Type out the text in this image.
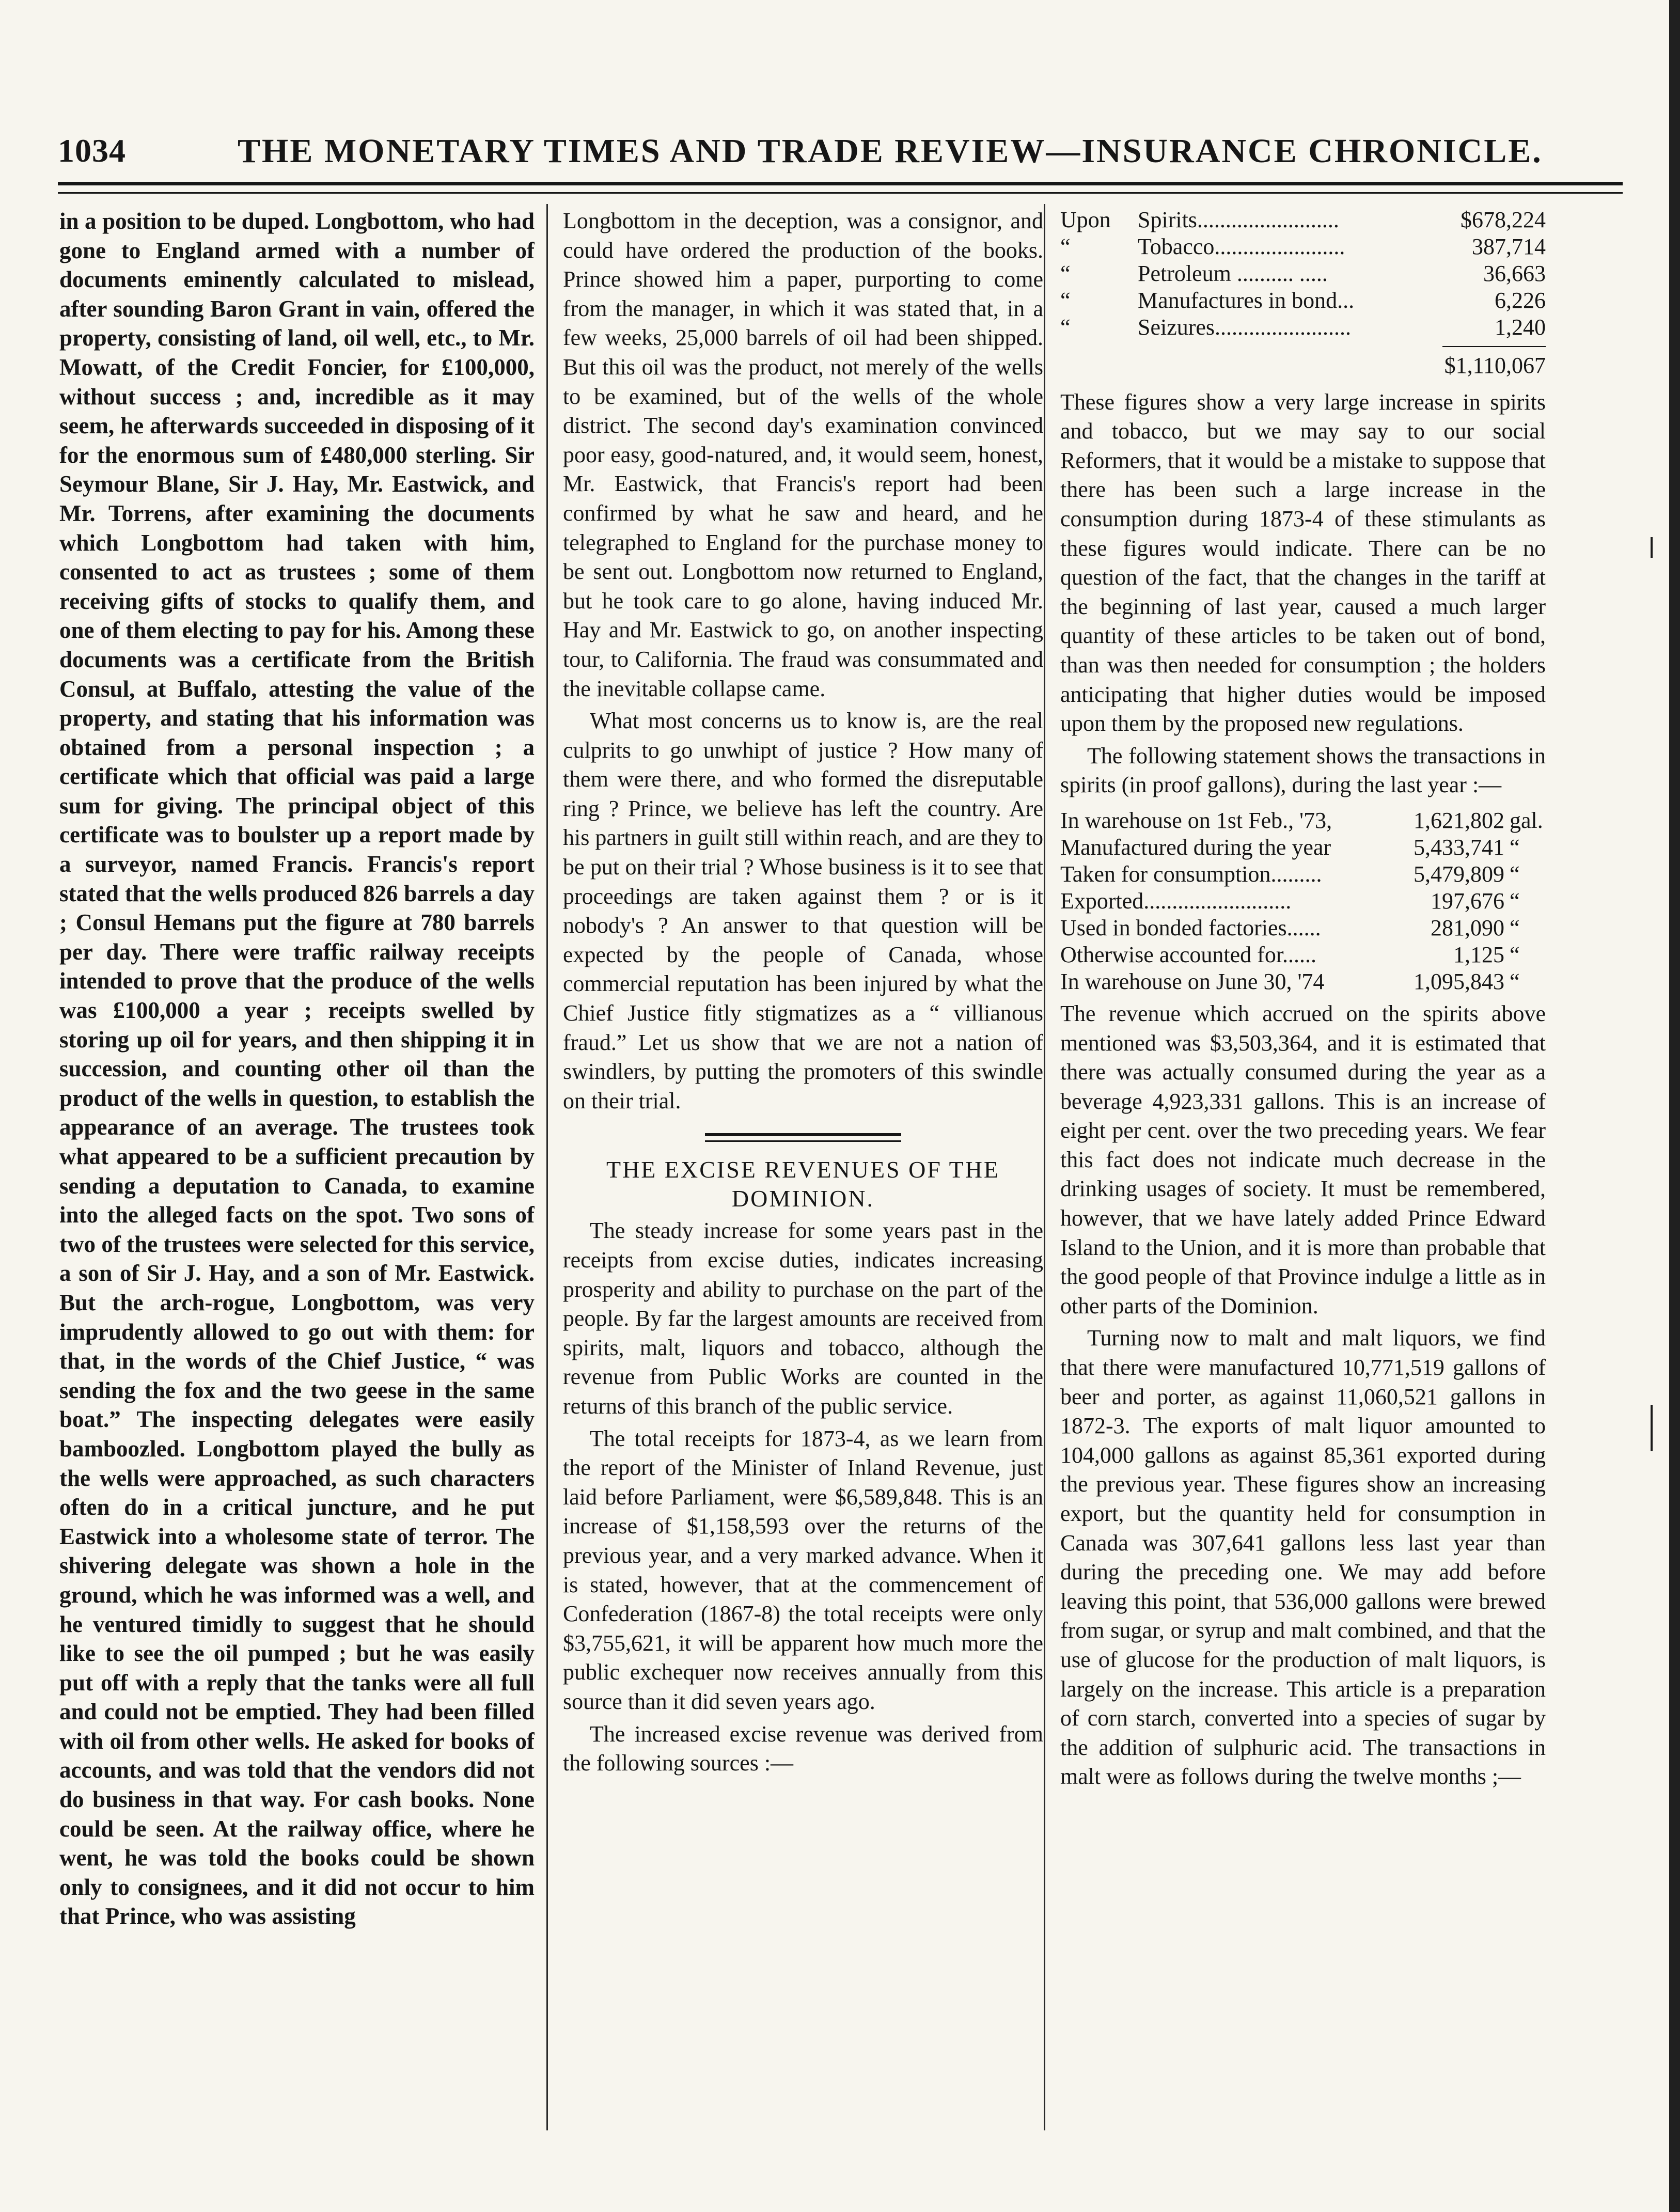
1034	THE MONETARY TIMES AND TRADE REVIEW—INSURANCE CHRONICLE.

in a position to be duped. Longbottom, who had gone to England armed with a number of documents eminently calculated to mislead, after sounding Baron Grant in vain, offered the property, consisting of land, oil well, etc., to Mr. Mowatt, of the Credit Foncier, for £100,000, without success ; and, incredible as it may seem, he afterwards succeeded in disposing of it for the enormous sum of £480,000 sterling. Sir Seymour Blane, Sir J. Hay, Mr. Eastwick, and Mr. Torrens, after examining the documents which Longbottom had taken with him, consented to act as trustees ; some of them receiving gifts of stocks to qualify them, and one of them electing to pay for his. Among these documents was a certificate from the British Consul, at Buffalo, attesting the value of the property, and stating that his information was obtained from a personal inspection ; a certificate which that official was paid a large sum for giving. The principal object of this certificate was to boulster up a report made by a surveyor, named Francis. Francis's report stated that the wells produced 826 barrels a day ; Consul Hemans put the figure at 780 barrels per day. There were traffic railway receipts intended to prove that the produce of the wells was £100,000 a year ; receipts swelled by storing up oil for years, and then shipping it in succession, and counting other oil than the product of the wells in question, to establish the appearance of an average. The trustees took what appeared to be a sufficient precaution by sending a deputation to Canada, to examine into the alleged facts on the spot. Two sons of two of the trustees were selected for this service, a son of Sir J. Hay, and a son of Mr. Eastwick. But the arch-rogue, Longbottom, was very imprudently allowed to go out with them: for that, in the words of the Chief Justice, “ was sending the fox and the two geese in the same boat.” The inspecting delegates were easily bamboozled. Longbottom played the bully as the wells were approached, as such characters often do in a critical juncture, and he put Eastwick into a wholesome state of terror. The shivering delegate was shown a hole in the ground, which he was informed was a well, and he ventured timidly to suggest that he should like to see the oil pumped ; but he was easily put off with a reply that the tanks were all full and could not be emptied. They had been filled with oil from other wells. He asked for books of accounts, and was told that the vendors did not do business in that way. For cash books. None could be seen. At the railway office, where he went, he was told the books could be shown only to consignees, and it did not occur to him that Prince, who was assisting

Longbottom in the deception, was a consignor, and could have ordered the production of the books. Prince showed him a paper, purporting to come from the manager, in which it was stated that, in a few weeks, 25,000 barrels of oil had been shipped. But this oil was the product, not merely of the wells to be examined, but of the wells of the whole district. The second day's examination convinced poor easy, good-natured, and, it would seem, honest, Mr. Eastwick, that Francis's report had been confirmed by what he saw and heard, and he telegraphed to England for the purchase money to be sent out. Longbottom now returned to England, but he took care to go alone, having induced Mr. Hay and Mr. Eastwick to go, on another inspecting tour, to California. The fraud was consummated and the inevitable collapse came.

What most concerns us to know is, are the real culprits to go unwhipt of justice ? How many of them were there, and who formed the disreputable ring ? Prince, we believe has left the country. Are his partners in guilt still within reach, and are they to be put on their trial ? Whose business is it to see that proceedings are taken against them ? or is it nobody's ? An answer to that question will be expected by the people of Canada, whose commercial reputation has been injured by what the Chief Justice fitly stigmatizes as a “ villianous fraud.” Let us show that we are not a nation of swindlers, by putting the promoters of this swindle on their trial.

THE EXCISE REVENUES OF THE DOMINION.

The steady increase for some years past in the receipts from excise duties, indicates increasing prosperity and ability to purchase on the part of the people. By far the largest amounts are received from spirits, malt, liquors and tobacco, although the revenue from Public Works are counted in the returns of this branch of the public service.

The total receipts for 1873-4, as we learn from the report of the Minister of Inland Revenue, just laid before Parliament, were $6,589,848. This is an increase of $1,158,593 over the returns of the previous year, and a very marked advance. When it is stated, however, that at the commencement of Confederation (1867-8) the total receipts were only $3,755,621, it will be apparent how much more the public exchequer now receives annually from this source than it did seven years ago.

The increased excise revenue was derived from the following sources :—

Upon	Spirits.........................	$678,224
“	Tobacco.......................	387,714
“	Petroleum .......... .....	36,663
“	Manufactures in bond...	6,226
“	Seizures........................	1,240
$1,110,067

These figures show a very large increase in spirits and tobacco, but we may say to our social Reformers, that it would be a mistake to suppose that there has been such a large increase in the consumption during 1873-4 of these stimulants as these figures would indicate. There can be no question of the fact, that the changes in the tariff at the beginning of last year, caused a much larger quantity of these articles to be taken out of bond, than was then needed for consumption ; the holders anticipating that higher duties would be imposed upon them by the proposed new regulations.

The following statement shows the transactions in spirits (in proof gallons), during the last year :—

In warehouse on 1st Feb., '73,	1,621,802	gal.
Manufactured during the year	5,433,741	“
Taken for consumption.........	5,479,809	“
Exported..........................	197,676	“
Used in bonded factories......	281,090	“
Otherwise accounted for......	1,125	“
In warehouse on June 30, '74	1,095,843	“

The revenue which accrued on the spirits above mentioned was $3,503,364, and it is estimated that there was actually consumed during the year as a beverage 4,923,331 gallons. This is an increase of eight per cent. over the two preceding years. We fear this fact does not indicate much decrease in the drinking usages of society. It must be remembered, however, that we have lately added Prince Edward Island to the Union, and it is more than probable that the good people of that Province indulge a little as in other parts of the Dominion.

Turning now to malt and malt liquors, we find that there were manufactured 10,771,519 gallons of beer and porter, as against 11,060,521 gallons in 1872-3. The exports of malt liquor amounted to 104,000 gallons as against 85,361 exported during the previous year. These figures show an increasing export, but the quantity held for consumption in Canada was 307,641 gallons less last year than during the preceding one. We may add before leaving this point, that 536,000 gallons were brewed from sugar, or syrup and malt combined, and that the use of glucose for the production of malt liquors, is largely on the increase. This article is a preparation of corn starch, converted into a species of sugar by the addition of sulphuric acid. The transactions in malt were as follows during the twelve months ;—
